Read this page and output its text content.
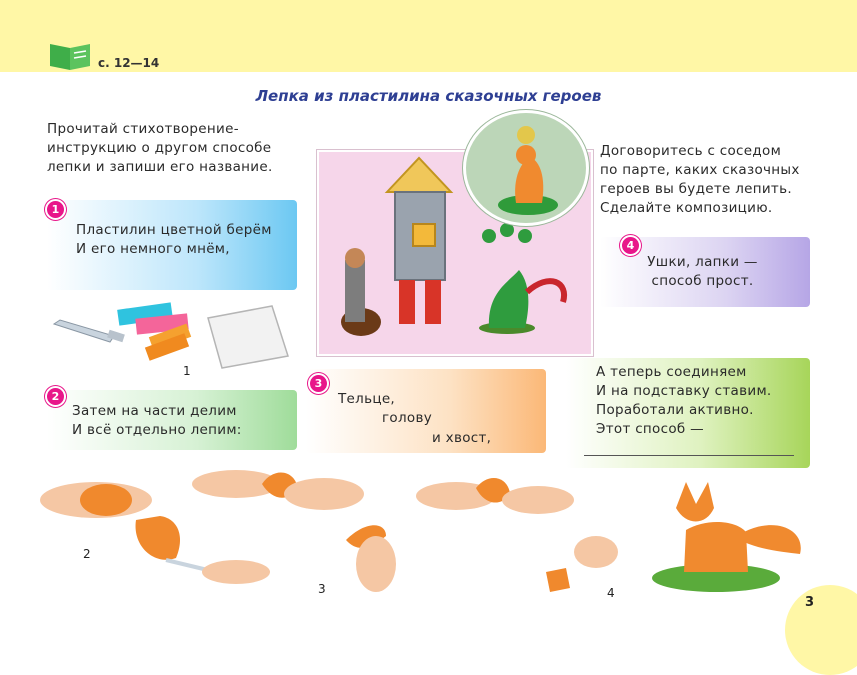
с. 12—14
Лепка из пластилина сказочных героев
Прочитай стихотворение-
инструкцию о другом способе
лепки и запиши его название.
Договоритесь с соседом
по парте, каких сказочных
героев вы будете лепить.
Сделайте композицию.
1
Пластилин цветной берём
И его немного мнём,
1
2
Затем на части делим
И всё отдельно лепим:
3
Тельце,
голову
и хвост,
4
Ушки, лапки —
способ прост.
А теперь соединяем
И на подставку ставим.
Поработали активно.
Этот способ —
2
3	4
3
